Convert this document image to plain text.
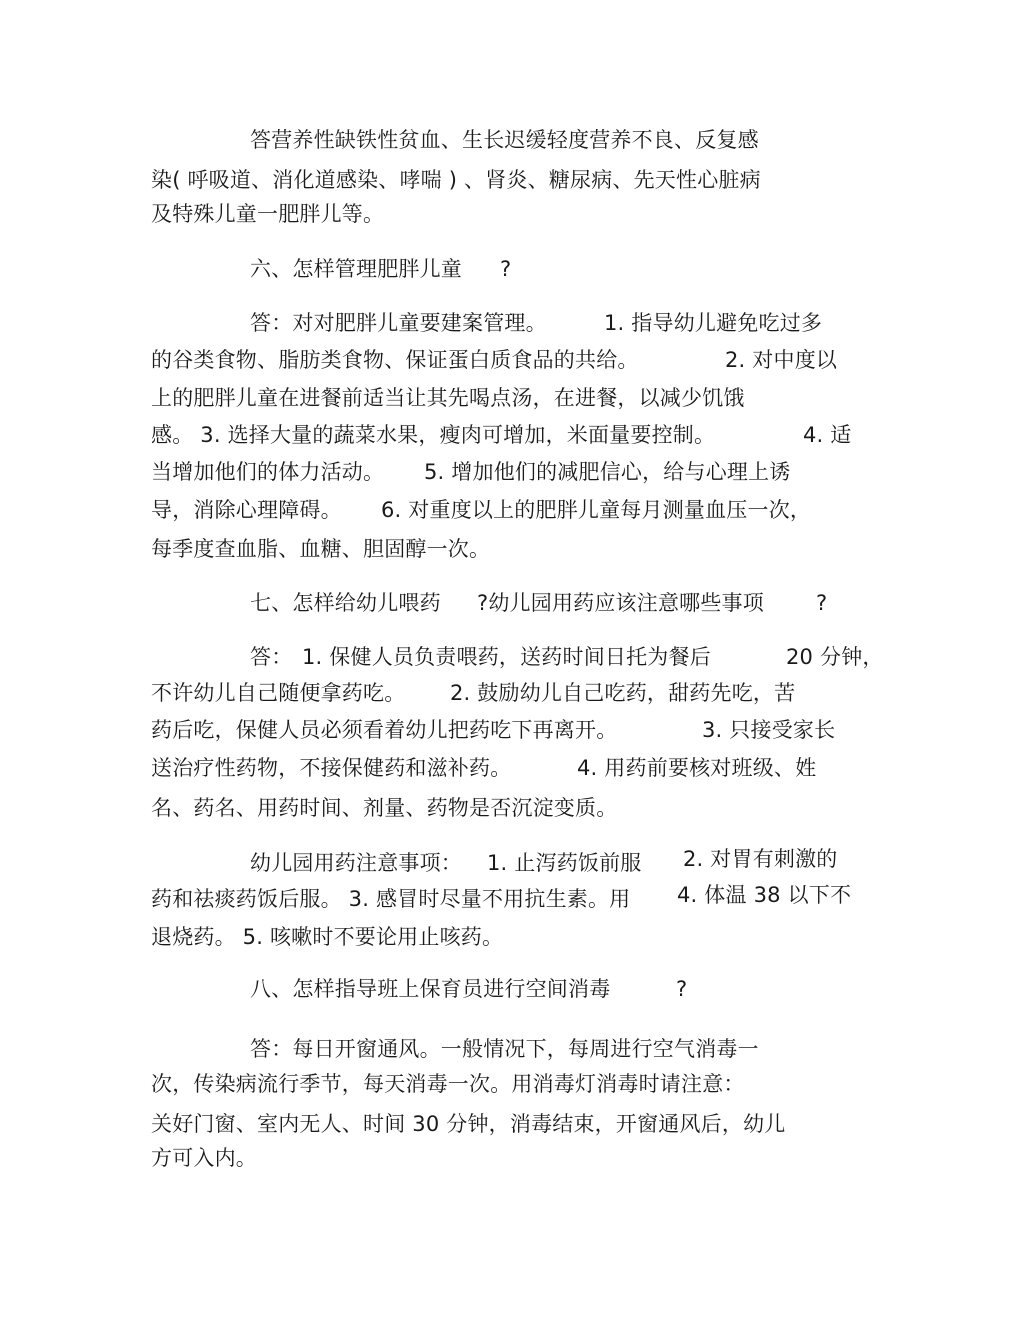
答营养性缺铁性贫血、生长迟缓轻度营养不良、反复感
染( 呼吸道、消化道感染、哮喘 ) 、肾炎、糖尿病、先天性心脏病
及特殊儿童一肥胖儿等。
六、怎样管理肥胖儿童 ?
答：对对肥胖儿童要建案管理。	1. 指导幼儿避免吃过多
的谷类食物、脂肪类食物、保证蛋白质食品的共给。	2. 对中度以
上的肥胖儿童在进餐前适当让其先喝点汤，在进餐，以减少饥饿
感。 3. 选择大量的蔬菜水果，瘦肉可增加，米面量要控制。	4. 适
当增加他们的体力活动。 5. 增加他们的减肥信心，给与心理上诱
导，消除心理障碍。 6. 对重度以上的肥胖儿童每月测量血压一次，
每季度查血脂、血糖、胆固醇一次。
七、怎样给幼儿喂药 ?幼儿园用药应该注意哪些事项 ?
答： 1. 保健人员负责喂药，送药时间日托为餐后	20 分钟，
不许幼儿自己随便拿药吃。 2. 鼓励幼儿自己吃药，甜药先吃，苦
药后吃，保健人员必须看着幼儿把药吃下再离开。	3. 只接受家长
送治疗性药物，不接保健药和滋补药。	4. 用药前要核对班级、姓
名、药名、用药时间、剂量、药物是否沉淀变质。
幼儿园用药注意事项： 1. 止泻药饭前服 2. 对胃有刺激的
药和祛痰药饭后服。 3. 感冒时尽量不用抗生素。用 4. 体温 38 以下不
退烧药。 5. 咳嗽时不要论用止咳药。
八、怎样指导班上保育员进行空间消毒	?
答：每日开窗通风。一般情况下，每周进行空气消毒一
次，传染病流行季节，每天消毒一次。用消毒灯消毒时请注意：
关好门窗、室内无人、时间 30 分钟，消毒结束，开窗通风后，幼儿
方可入内。
